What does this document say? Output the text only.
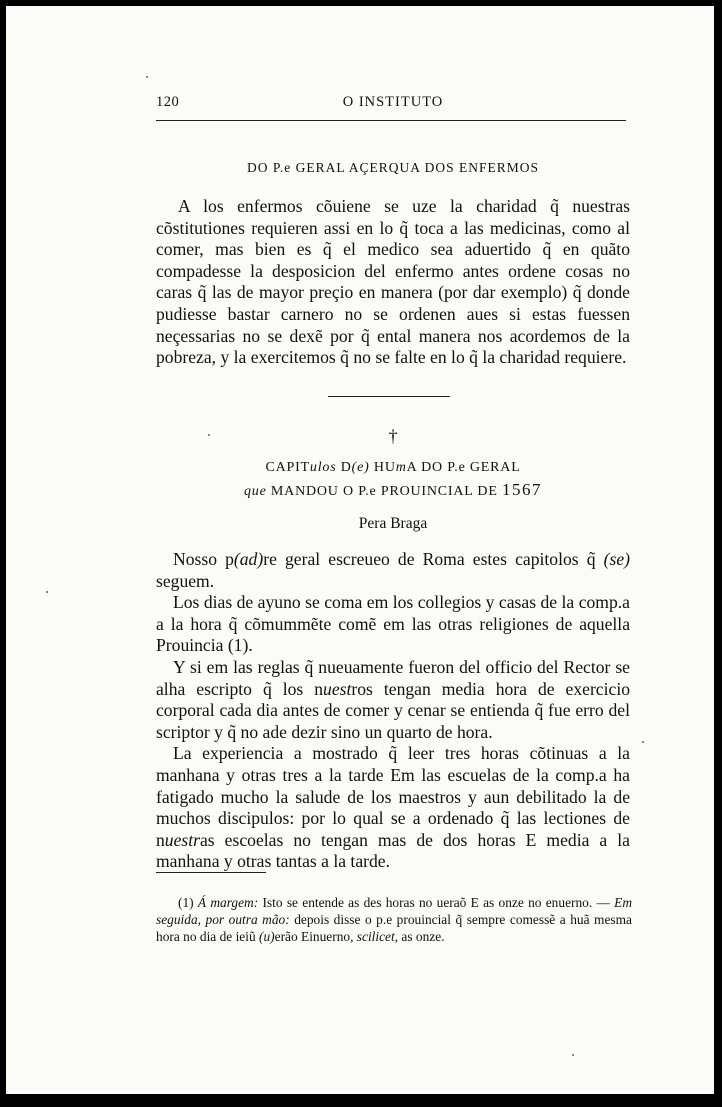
120	O INSTITUTO
DO P.e GERAL AÇERQUA DOS ENFERMOS

A los enfermos cõuiene se uze la charidad q̃ nuestras cõstitutiones requieren assi en lo q̃ toca a las medicinas, como al comer, mas bien es q̃ el medico sea aduertido q̃ en quãto compadesse la desposicion del enfermo antes ordene cosas no caras q̃ las de mayor preçio en manera (por dar exemplo) q̃ donde pudiesse bastar carnero no se ordenen aues si estas fuessen neçessarias no se dexẽ por q̃ ental manera nos acordemos de la pobreza, y la exercitemos q̃ no se falte en lo q̃ la charidad requiere.

†
CAPITulos D(e) HUmA DO P.e GERAL
que MANDOU O P.e PROUINCIAL DE 1567
Pera Braga

Nosso p(ad)re geral escreueo de Roma estes capitolos q̃ (se) seguem.

Los dias de ayuno se coma em los collegios y casas de la comp.a a la hora q̃ cõmummẽte comẽ em las otras religiones de aquella Prouincia (1).

Y si em las reglas q̃ nueuamente fueron del officio del Rector se alha escripto q̃ los nuestros tengan media hora de exercicio corporal cada dia antes de comer y cenar se entienda q̃ fue erro del scriptor y q̃ no ade dezir sino un quarto de hora.

La experiencia a mostrado q̃ leer tres horas cõtinuas a la manhana y otras tres a la tarde Em las escuelas de la comp.a ha fatigado mucho la salude de los maestros y aun debilitado la de muchos discipulos: por lo qual se a ordenado q̃ las lectiones de nuestras escoelas no tengan mas de dos horas E media a la manhana y otras tantas a la tarde.

(1) Á margem: Isto se entende as des horas no ueraõ E as onze no enuerno. — Em seguida, por outra mão: depois disse o p.e prouincial q̃ sempre comessẽ a huã mesma hora no dia de ieiũ (u)erão Einuerno, scilicet, as onze.
